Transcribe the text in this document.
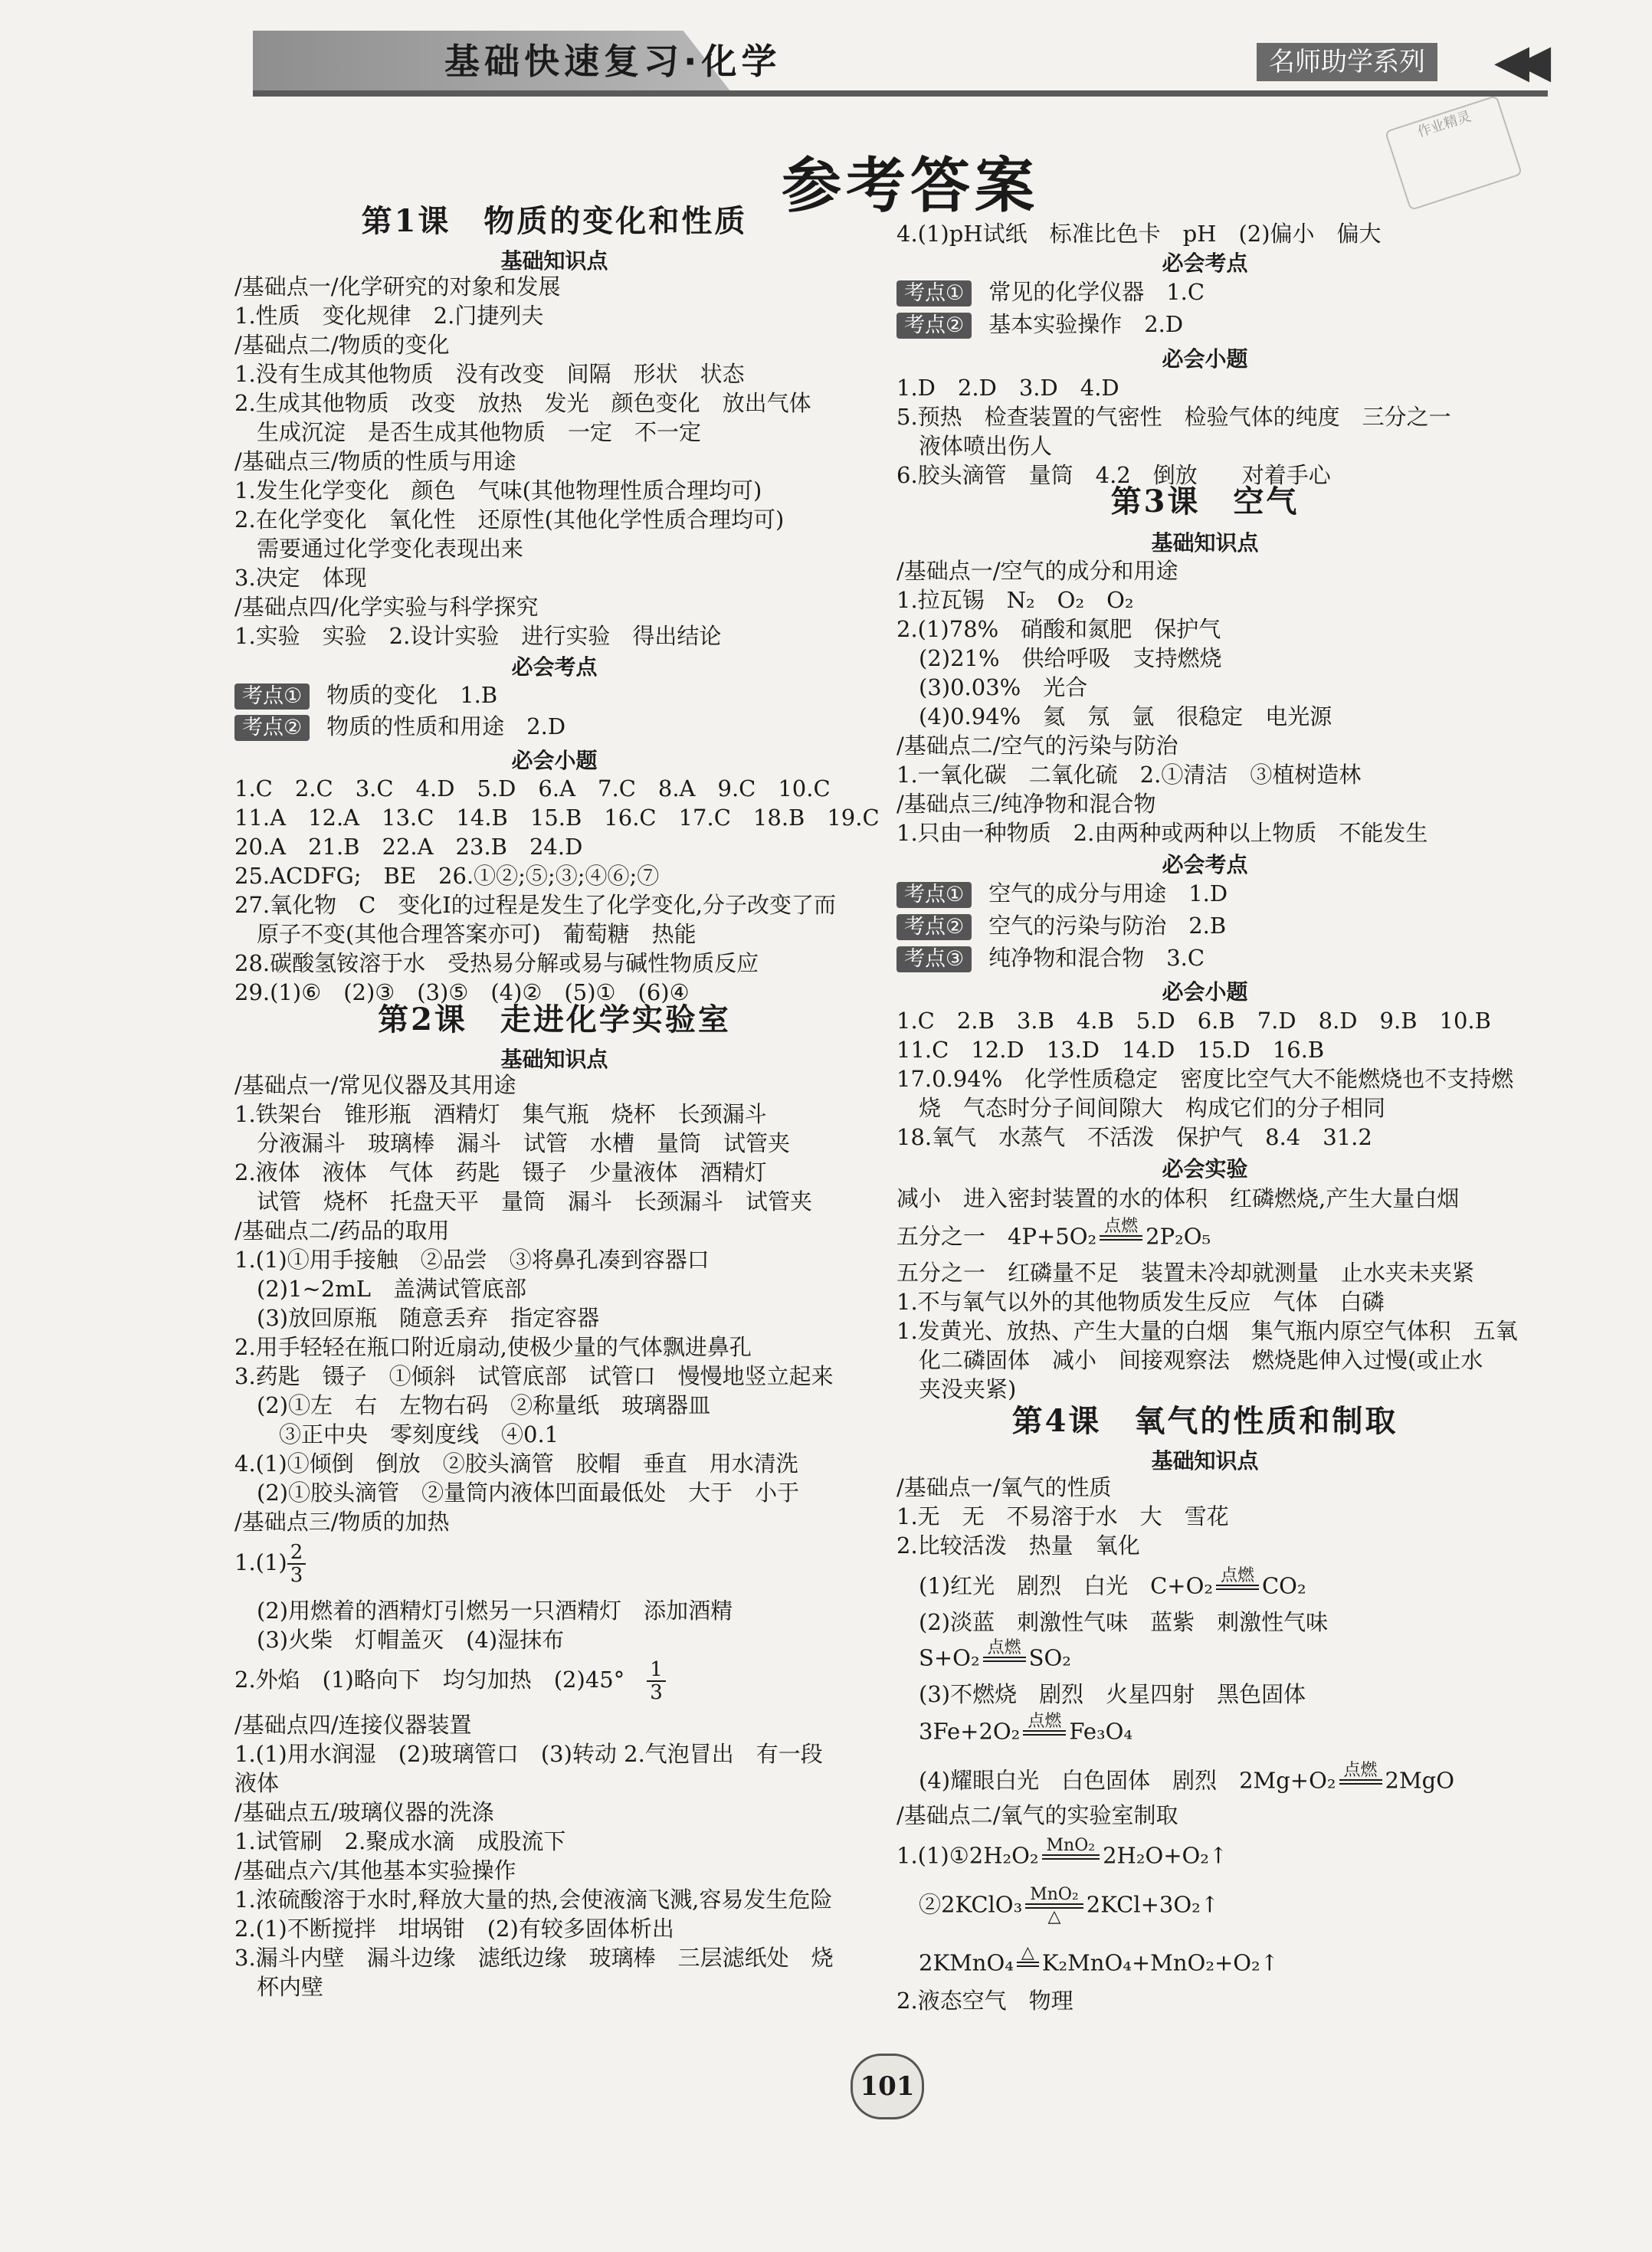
基础快速复习·化学	名师助学系列 ◀◀
作业精灵
参考答案
第1课　物质的变化和性质
基础知识点
/基础点一/化学研究的对象和发展
1.性质　变化规律　2.门捷列夫
/基础点二/物质的变化
1.没有生成其他物质　没有改变　间隔　形状　状态
2.生成其他物质　改变　放热　发光　颜色变化　放出气体
　生成沉淀　是否生成其他物质　一定　不一定
/基础点三/物质的性质与用途
1.发生化学变化　颜色　气味(其他物理性质合理均可)
2.在化学变化　氧化性　还原性(其他化学性质合理均可)
　需要通过化学变化表现出来
3.决定　体现
/基础点四/化学实验与科学探究
1.实验　实验　2.设计实验　进行实验　得出结论
必会考点
考点① 物质的变化　1.B
考点② 物质的性质和用途　2.D
必会小题
1.C　2.C　3.C　4.D　5.D　6.A　7.C　8.A　9.C　10.C
11.A　12.A　13.C　14.B　15.B　16.C　17.C　18.B　19.C
20.A　21.B　22.A　23.B　24.D
25.ACDFG;　BE　26.①②;⑤;③;④⑥;⑦
27.氧化物　C　变化Ⅰ的过程是发生了化学变化,分子改变了而
　原子不变(其他合理答案亦可)　葡萄糖　热能
28.碳酸氢铵溶于水　受热易分解或易与碱性物质反应
29.(1)⑥　(2)③　(3)⑤　(4)②　(5)①　(6)④
第2课　走进化学实验室
基础知识点
/基础点一/常见仪器及其用途
1.铁架台　锥形瓶　酒精灯　集气瓶　烧杯　长颈漏斗
　分液漏斗　玻璃棒　漏斗　试管　水槽　量筒　试管夹
2.液体　液体　气体　药匙　镊子　少量液体　酒精灯
　试管　烧杯　托盘天平　量筒　漏斗　长颈漏斗　试管夹
/基础点二/药品的取用
1.(1)①用手接触　②品尝　③将鼻孔凑到容器口
　(2)1~2mL　盖满试管底部
　(3)放回原瓶　随意丢弃　指定容器
2.用手轻轻在瓶口附近扇动,使极少量的气体飘进鼻孔
3.药匙　镊子　①倾斜　试管底部　试管口　慢慢地竖立起来
　(2)①左　右　左物右码　②称量纸　玻璃器皿
　　③正中央　零刻度线　④0.1
4.(1)①倾倒　倒放　②胶头滴管　胶帽　垂直　用水清洗
　(2)①胶头滴管　②量筒内液体凹面最低处　大于　小于
/基础点三/物质的加热
$1.(1) \frac{2}{3}$
　(2)用燃着的酒精灯引燃另一只酒精灯　添加酒精
　(3)火柴　灯帽盖灭　(4)湿抹布
2.外焰　(1)略向下　均匀加热　(2)45°　 $\frac{1}{3}$
/基础点四/连接仪器装置
1.(1)用水润湿　(2)玻璃管口　(3)转动 2.气泡冒出　有一段
液体
/基础点五/玻璃仪器的洗涤
1.试管刷　2.聚成水滴　成股流下
/基础点六/其他基本实验操作
1.浓硫酸溶于水时,释放大量的热,会使液滴飞溅,容易发生危险
2.(1)不断搅拌　坩埚钳　(2)有较多固体析出
3.漏斗内壁　漏斗边缘　滤纸边缘　玻璃棒　三层滤纸处　烧
　杯内壁
4.(1)pH试纸　标准比色卡　pH　(2)偏小　偏大
必会考点
考点① 常见的化学仪器　1.C
考点② 基本实验操作　2.D
必会小题
1.D　2.D　3.D　4.D
5.预热　检查装置的气密性　检验气体的纯度　三分之一
　液体喷出伤人
6.胶头滴管　量筒　4.2　倒放　　对着手心
第3课　空气
基础知识点
/基础点一/空气的成分和用途
1.拉瓦锡　N₂　O₂　O₂
2.(1)78%　硝酸和氮肥　保护气
　(2)21%　供给呼吸　支持燃烧
　(3)0.03%　光合
　(4)0.94%　氦　氖　氩　很稳定　电光源
/基础点二/空气的污染与防治
1.一氧化碳　二氧化硫　2.①清洁　③植树造林
/基础点三/纯净物和混合物
1.只由一种物质　2.由两种或两种以上物质　不能发生
必会考点
考点① 空气的成分与用途　1.D
考点② 空气的污染与防治　2.B
考点③ 纯净物和混合物　3.C
必会小题
1.C　2.B　3.B　4.B　5.D　6.B　7.D　8.D　9.B　10.B
11.C　12.D　13.D　14.D　15.D　16.B
17.0.94%　化学性质稳定　密度比空气大不能燃烧也不支持燃
　烧　气态时分子间间隙大　构成它们的分子相同
18.氧气　水蒸气　不活泼　保护气　8.4　31.2
必会实验
减小　进入密封装置的水的体积　红磷燃烧,产生大量白烟
五分之一　4P+5O₂ 点燃
2P₂O₅
五分之一　红磷量不足　装置未冷却就测量　止水夹未夹紧
1.不与氧气以外的其他物质发生反应　气体　白磷
1.发黄光、放热、产生大量的白烟　集气瓶内原空气体积　五氧
　化二磷固体　减小　间接观察法　燃烧匙伸入过慢(或止水
　夹没夹紧)
第4课　氧气的性质和制取
基础知识点
/基础点一/氧气的性质
1.无　无　不易溶于水　大　雪花
2.比较活泼　热量　氧化
　(1)红光　剧烈　白光　C+O₂ 点燃
CO₂
　(2)淡蓝　刺激性气味　蓝紫　刺激性气味
　S+O₂ 点燃
SO₂
　(3)不燃烧　剧烈　火星四射　黑色固体
　3Fe+2O₂ 点燃
Fe₃O₄
　(4)耀眼白光　白色固体　剧烈　2Mg+O₂ 点燃
2MgO
/基础点二/氧气的实验室制取
1.(1)①2H₂O₂ MnO₂
2H₂O+O₂↑
　②2KClO₃ MnO₂
△ 2KCl+3O₂↑
　2KMnO₄ △
K₂MnO₄+MnO₂+O₂↑
2.液态空气　物理
101
